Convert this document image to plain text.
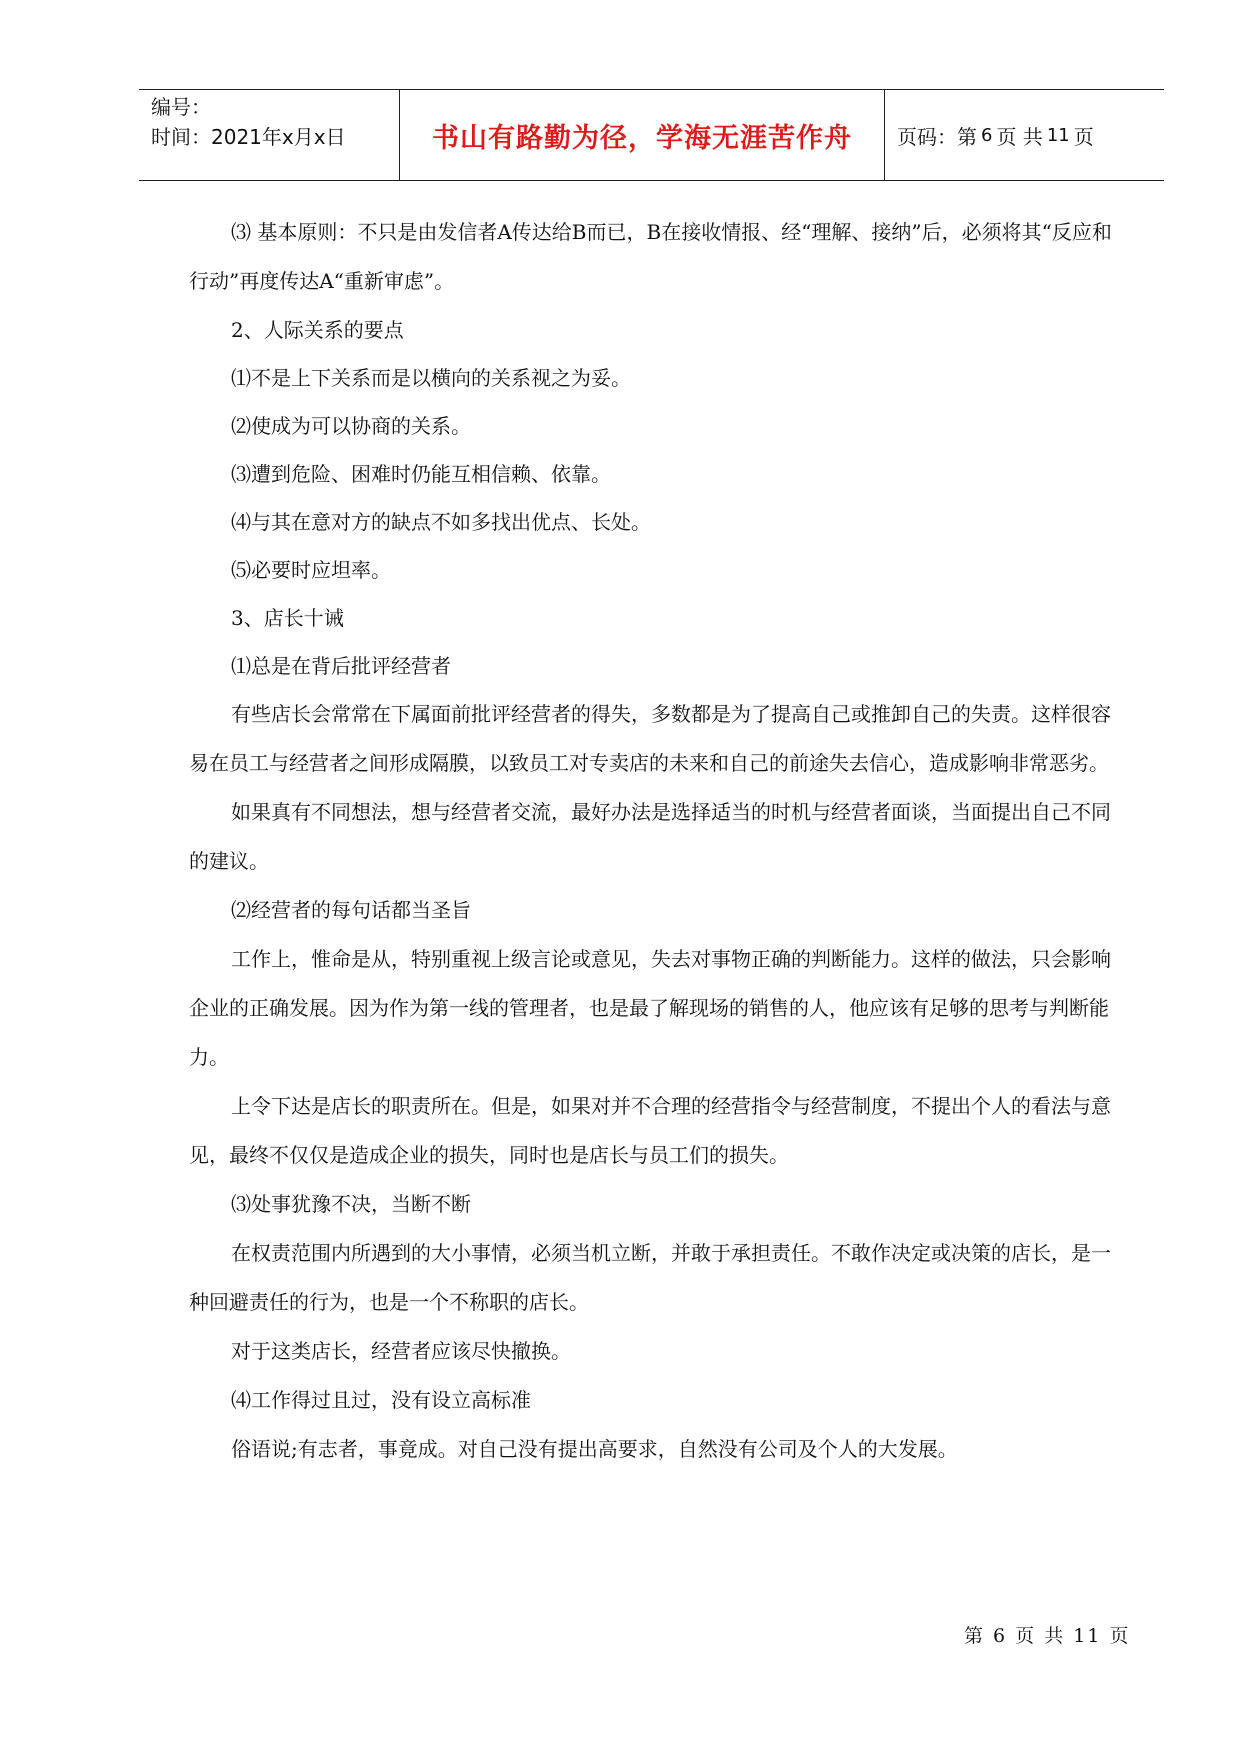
编号：
时间：2021年x月x日	书山有路勤为径，学海无涯苦作舟	页码：第 6 页 共 11 页

⑶ 基本原则：不只是由发信者A传达给B而已，B在接收情报、经“理解、接纳”后，必须将其“反应和行动”再度传达A“重新审虑”。

2、人际关系的要点

⑴不是上下关系而是以横向的关系视之为妥。

⑵使成为可以协商的关系。

⑶遭到危险、困难时仍能互相信赖、依靠。

⑷与其在意对方的缺点不如多找出优点、长处。

⑸必要时应坦率。

3、店长十诫

⑴总是在背后批评经营者

有些店长会常常在下属面前批评经营者的得失，多数都是为了提高自己或推卸自己的失责。这样很容易在员工与经营者之间形成隔膜，以致员工对专卖店的未来和自己的前途失去信心，造成影响非常恶劣。

如果真有不同想法，想与经营者交流，最好办法是选择适当的时机与经营者面谈，当面提出自己不同的建议。

⑵经营者的每句话都当圣旨

工作上，惟命是从，特别重视上级言论或意见，失去对事物正确的判断能力。这样的做法，只会影响企业的正确发展。因为作为第一线的管理者，也是最了解现场的销售的人，他应该有足够的思考与判断能力。

上令下达是店长的职责所在。但是，如果对并不合理的经营指令与经营制度，不提出个人的看法与意见，最终不仅仅是造成企业的损失，同时也是店长与员工们的损失。

⑶处事犹豫不决，当断不断

在权责范围内所遇到的大小事情，必须当机立断，并敢于承担责任。不敢作决定或决策的店长，是一种回避责任的行为，也是一个不称职的店长。

对于这类店长，经营者应该尽快撤换。

⑷工作得过且过，没有设立高标准

俗语说;有志者，事竟成。对自己没有提出高要求，自然没有公司及个人的大发展。

第 6 页 共 11 页
